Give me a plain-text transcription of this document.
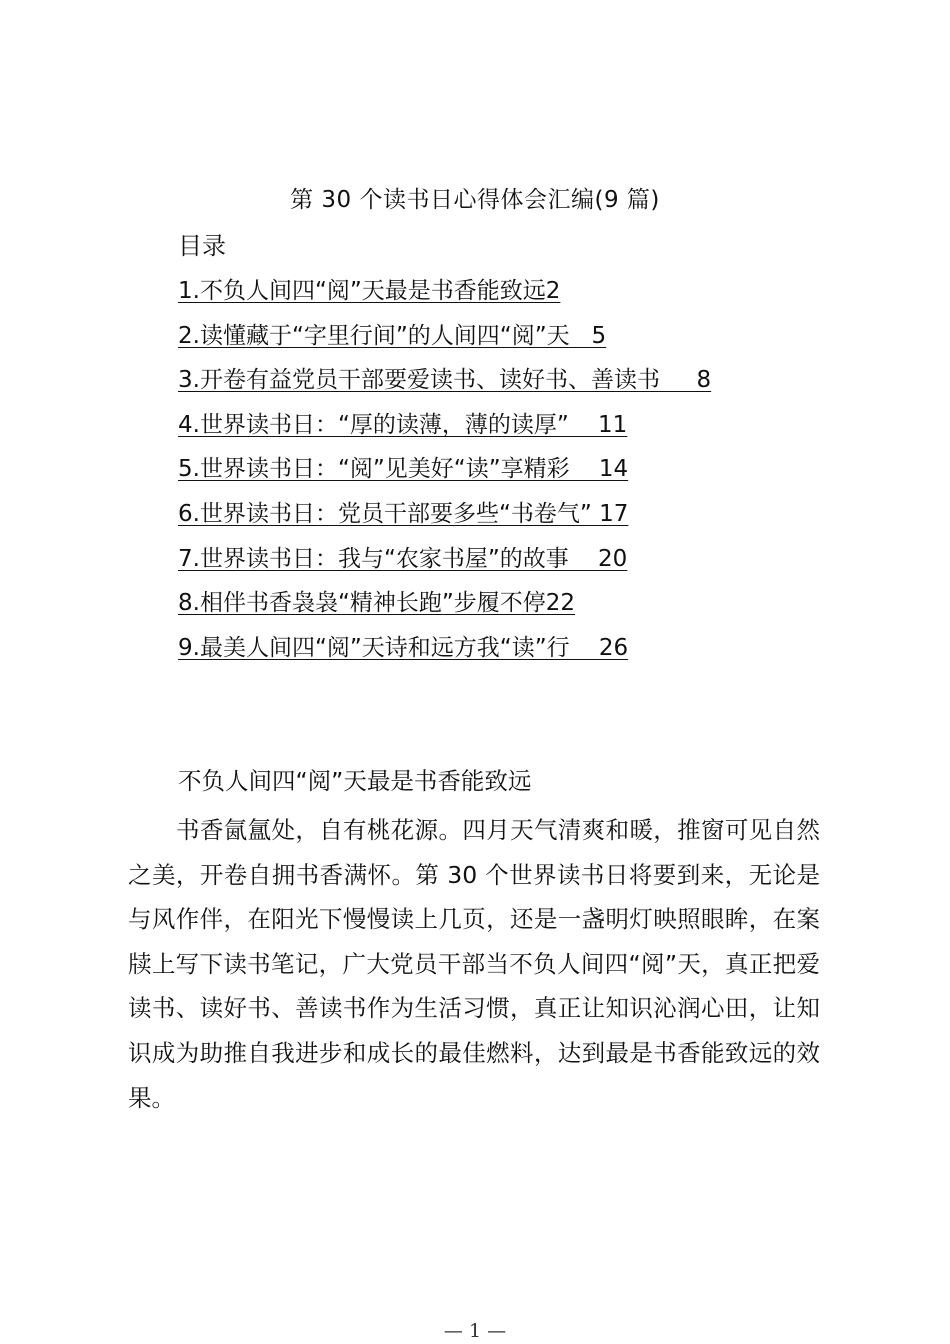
第 30 个读书日心得体会汇编(9 篇)
目录
1.不负人间四“阅”天最是书香能致远2
2.读懂藏于“字里行间”的人间四“阅”天   5
3.开卷有益党员干部要爱读书、读好书、善读书     8
4.世界读书日：“厚的读薄，薄的读厚”    11
5.世界读书日：“阅”见美好“读”享精彩    14
6.世界读书日：党员干部要多些“书卷气” 17
7.世界读书日：我与“农家书屋”的故事    20
8.相伴书香袅袅“精神长跑”步履不停22
9.最美人间四“阅”天诗和远方我“读”行    26
不负人间四“阅”天最是书香能致远

书香氤氲处，自有桃花源。四月天气清爽和暖，推窗可见自然之美，开卷自拥书香满怀。第 30 个世界读书日将要到来，无论是与风作伴，在阳光下慢慢读上几页，还是一盏明灯映照眼眸，在案牍上写下读书笔记，广大党员干部当不负人间四“阅”天，真正把爱读书、读好书、善读书作为生活习惯，真正让知识沁润心田，让知识成为助推自我进步和成长的最佳燃料，达到最是书香能致远的效果。

— 1 —
